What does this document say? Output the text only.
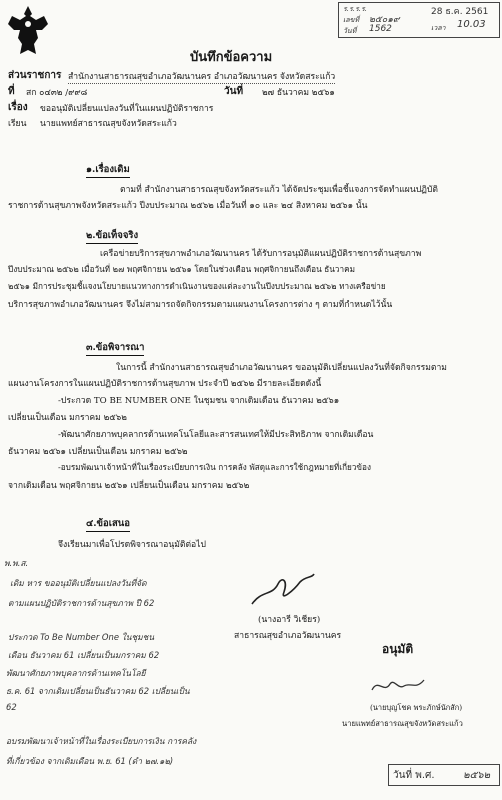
ร.ร.ร.ร.
เลขที่ ๒๕๐๑๙
วันที่ 1562
28 ธ.ค. 2561
เวลา 10.03
บันทึกข้อความ
ส่วนราชการ สำนักงานสาธารณสุขอำเภอวัฒนานคร อำเภอวัฒนานคร จังหวัดสระแก้ว
ที่ สก ๐๔๓๒ /๙๙๘	วันที่ ๒๗ ธันวาคม ๒๕๖๑
เรื่อง ขออนุมัติเปลี่ยนแปลงวันที่ในแผนปฏิบัติราชการ
เรียน นายแพทย์สาธารณสุขจังหวัดสระแก้ว
๑.เรื่องเดิม
ตามที่ สำนักงานสาธารณสุขจังหวัดสระแก้ว ได้จัดประชุมเพื่อชี้แจงการจัดทำแผนปฏิบัติ
ราชการด้านสุขภาพจังหวัดสระแก้ว ปีงบประมาณ ๒๕๖๒ เมื่อวันที่ ๑๐ และ ๒๔ สิงหาคม ๒๕๖๑ นั้น
๒.ข้อเท็จจริง
เครือข่ายบริการสุขภาพอำเภอวัฒนานคร ได้รับการอนุมัติแผนปฏิบัติราชการด้านสุขภาพ
ปีงบประมาณ ๒๕๖๒ เมื่อวันที่ ๒๗ พฤศจิกายน ๒๕๖๑ โดยในช่วงเดือน พฤศจิกายนถึงเดือน ธันวาคม
๒๕๖๑ มีการประชุมชี้แจงนโยบายแนวทางการดำเนินงานของแต่ละงานในปีงบประมาณ ๒๕๖๒ ทางเครือข่าย
บริการสุขภาพอำเภอวัฒนานคร จึงไม่สามารถจัดกิจกรรมตามแผนงานโครงการต่าง ๆ ตามที่กำหนดไว้นั้น
๓.ข้อพิจารณา
ในการนี้ สำนักงานสาธารณสุขอำเภอวัฒนานคร ขออนุมัติเปลี่ยนแปลงวันที่จัดกิจกรรมตาม
แผนงานโครงการในแผนปฏิบัติราชการด้านสุขภาพ ประจำปี ๒๕๖๒ มีรายละเอียดดังนี้
-ประกวด TO BE NUMBER ONE ในชุมชน จากเดิมเดือน ธันวาคม ๒๕๖๑
เปลี่ยนเป็นเดือน มกราคม ๒๕๖๒
-พัฒนาศักยภาพบุคลากรด้านเทคโนโลยีและสารสนเทศให้มีประสิทธิภาพ จากเดิมเดือน
ธันวาคม ๒๕๖๑ เปลี่ยนเป็นเดือน มกราคม ๒๕๖๒
-อบรมพัฒนาเจ้าหน้าที่ในเรื่องระเบียบการเงิน การคลัง พัสดุและการใช้กฎหมายที่เกี่ยวข้อง
จากเดิมเดือน พฤศจิกายน ๒๕๖๑ เปลี่ยนเป็นเดือน มกราคม ๒๕๖๒
๔.ข้อเสนอ
จึงเรียนมาเพื่อโปรดพิจารณาอนุมัติต่อไป
(นางอารี วิเชียร)
สาธารณสุขอำเภอวัฒนานคร
อนุมัติ
(นายบุญโชค พระภักษ์นักสัก)
นายแพทย์สาธารณสุขจังหวัดสระแก้ว
วันที่ พ.ศ.	๒๕๖๒
พ.พ.ส.
เดิม หาร ขออนุมัติเปลี่ยนแปลงวันที่จัด
ตามแผนปฏิบัติราชการด้านสุขภาพ ปี 62
ประกวด To Be Number One ในชุมชน
เดือน ธันวาคม 61 เปลี่ยนเป็นมกราคม 62
พัฒนาศักยภาพบุคลากรด้านเทคโนโลยี
ธ.ค. 61 จากเดิมเปลี่ยนเป็นธันวาคม 62 เปลี่ยนเป็น
62
อบรมพัฒนาเจ้าหน้าที่ในเรื่องระเบียบการเงิน การคลัง
ที่เกี่ยวข้อง จากเดิมเดือน พ.ย. 61 (ดำ ๒๗.๑๒)
